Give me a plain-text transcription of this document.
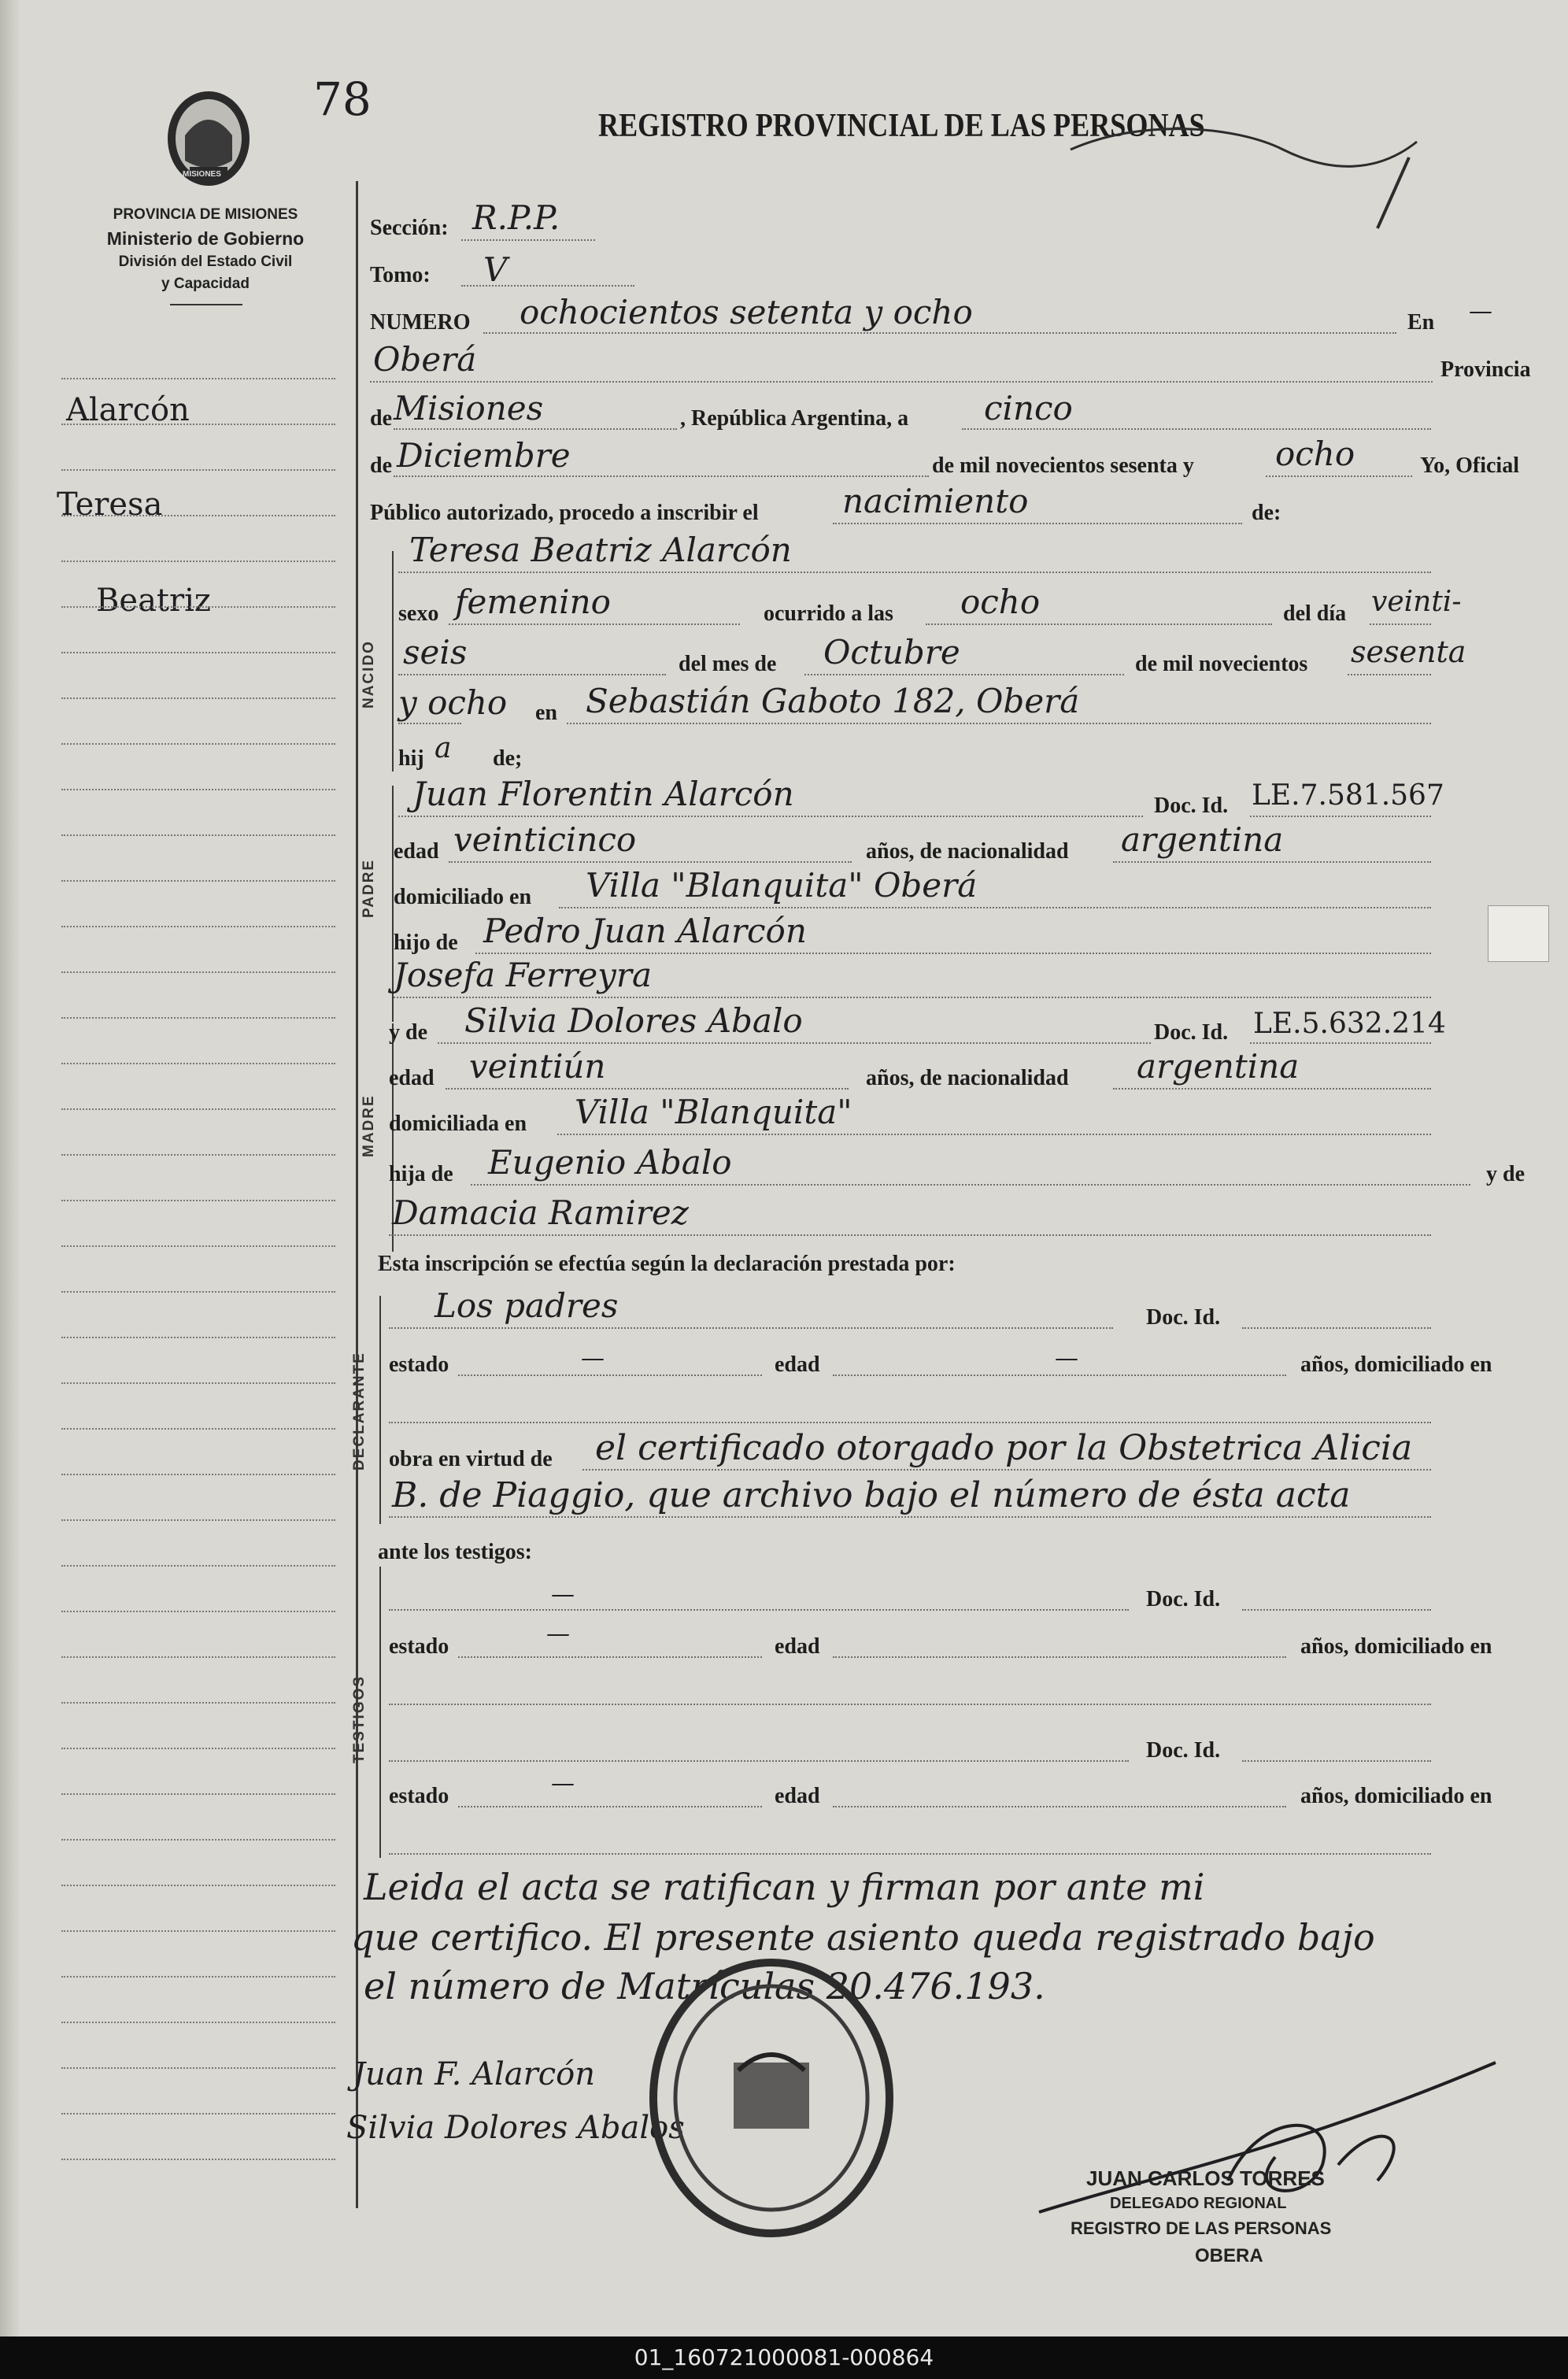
MISIONES
78	REGISTRO PROVINCIAL DE LAS PERSONAS
PROVINCIA DE MISIONES
Ministerio de Gobierno
División del Estado Civil
y Capacidad
Alarcón
Teresa
Beatriz
NACIDO
PADRE
MADRE
DECLARANTE
TESTIGOS
Sección: R.P.P.
Tomo: V
NUMERO ochocientos setenta y ocho	En —
Oberá	Provincia
de Misiones	, República Argentina, a cinco
de Diciembre	de mil novecientos sesenta y ocho	Yo, Oficial
Público autorizado, procedo a inscribir el	nacimiento	de:
Teresa Beatriz Alarcón
sexo femenino	ocurrido a las ocho	del día veinti-
seis	del mes de Octubre	de mil novecientos sesenta
y ocho en Sebastián Gaboto 182, Oberá
hij a de;
Juan Florentin Alarcón	Doc. Id. LE.7.581.567
edad veinticinco	años, de nacionalidad argentina
domiciliado en Villa "Blanquita" Oberá
hijo de Pedro Juan Alarcón
Josefa Ferreyra
y de Silvia Dolores Abalo	Doc. Id. LE.5.632.214
edad veintiún	años, de nacionalidad argentina
domiciliada en Villa "Blanquita"
hija de Eugenio Abalo	y de
Damacia Ramirez
Esta inscripción se efectúa según la declaración prestada por:
Los padres	Doc. Id.
estado	—	edad	—	años, domiciliado en
obra en virtud de el certificado otorgado por la Obstetrica Alicia
B. de Piaggio, que archivo bajo el número de ésta acta
ante los testigos:
—	Doc. Id.
estado	—	edad	años, domiciliado en
Doc. Id.
estado	—	edad	años, domiciliado en
Leida el acta se ratifican y firman por ante mi
que certifico. El presente asiento queda registrado bajo
el número de Matrículas 20.476.193.
Juan F. Alarcón
Silvia Dolores Abalos
JUAN CARLOS TORRES
DELEGADO REGIONAL
REGISTRO DE LAS PERSONAS
OBERA
01_160721000081-000864
